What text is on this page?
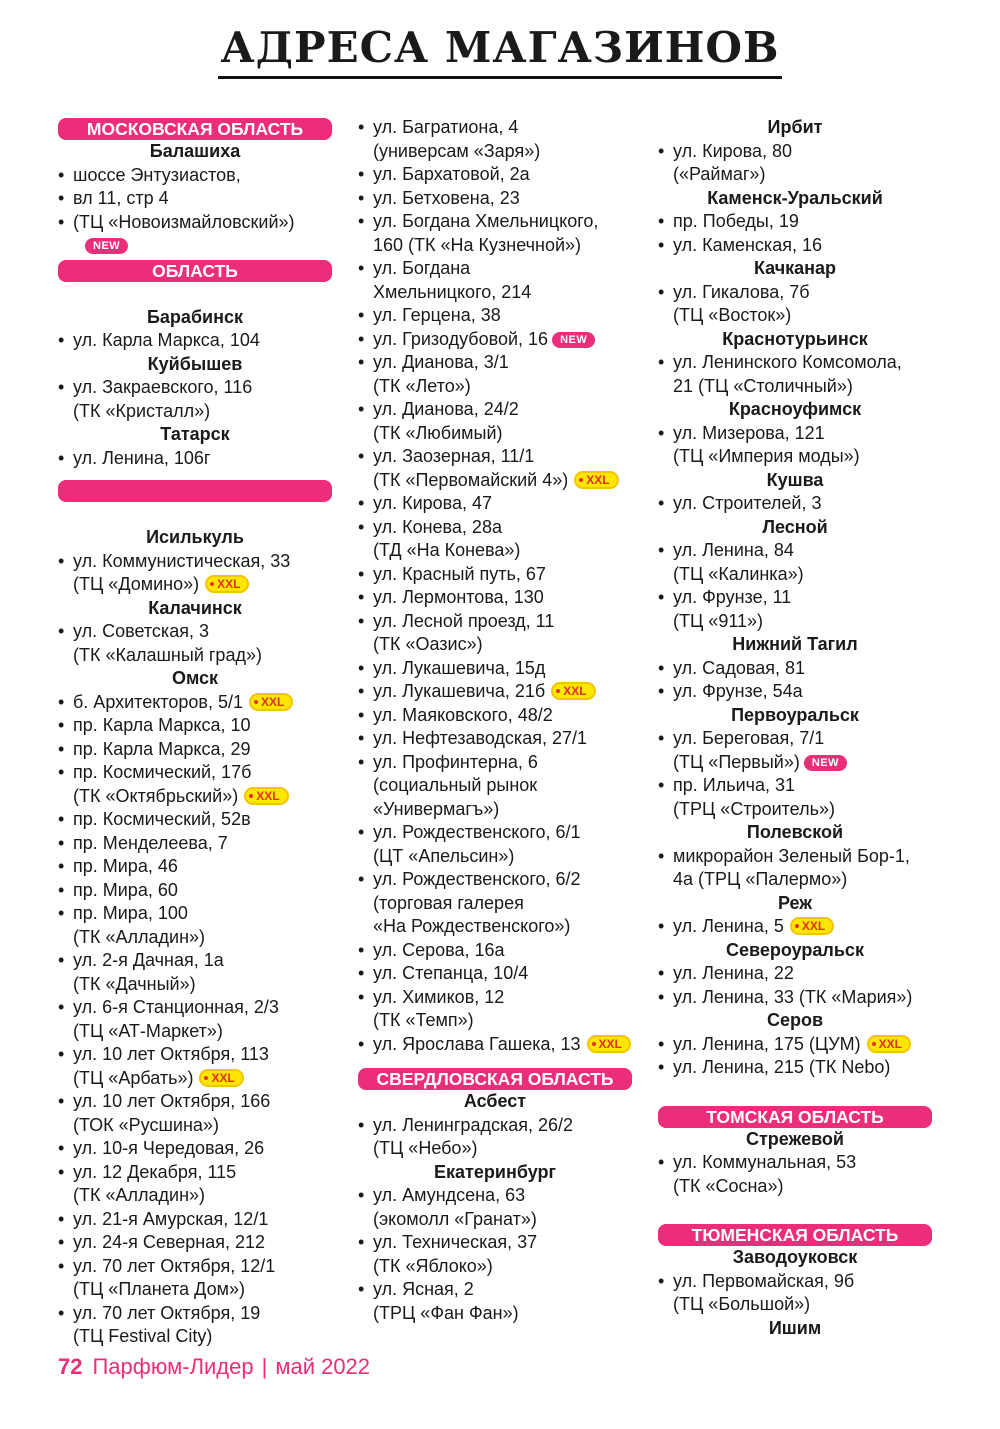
АДРЕСА МАГАЗИНОВ
МОСКОВСКАЯ ОБЛАСТЬ
Балашиха
• шоссе Энтузиастов,
• вл 11, стр 4
• (ТЦ «Новоизмайловский»)
NEW
ОБЛАСТЬ
Барабинск
• ул. Карла Маркса, 104
Куйбышев
• ул. Закраевского, 116
(ТК «Кристалл»)
Татарск
• ул. Ленина, 106г
Исилькуль
• ул. Коммунистическая, 33
(ТЦ «Домино») XXL
Калачинск
• ул. Советская, 3
(ТК «Калашный град»)
Омск
• б. Архитекторов, 5/1 XXL
• пр. Карла Маркса, 10
• пр. Карла Маркса, 29
• пр. Космический, 17б
(ТК «Октябрьский») XXL
• пр. Космический, 52в
• пр. Менделеева, 7
• пр. Мира, 46
• пр. Мира, 60
• пр. Мира, 100
(ТК «Алладин»)
• ул. 2-я Дачная, 1а
(ТК «Дачный»)
• ул. 6-я Станционная, 2/3
(ТЦ «АТ-Маркет»)
• ул. 10 лет Октября, 113
(ТЦ «Арбать») XXL
• ул. 10 лет Октября, 166
(ТОК «Русшина»)
• ул. 10-я Чередовая, 26
• ул. 12 Декабря, 115
(ТК «Алладин»)
• ул. 21-я Амурская, 12/1
• ул. 24-я Северная, 212
• ул. 70 лет Октября, 12/1
(ТЦ «Планета Дом»)
• ул. 70 лет Октября, 19
(ТЦ Festival City)
• ул. Багратиона, 4
(универсам «Заря»)
• ул. Бархатовой, 2а
• ул. Бетховена, 23
• ул. Богдана Хмельницкого,
160 (ТК «На Кузнечной»)
• ул. Богдана
Хмельницкого, 214
• ул. Герцена, 38
• ул. Гризодубовой, 16 NEW
• ул. Дианова, 3/1
(ТК «Лето»)
• ул. Дианова, 24/2
(ТК «Любимый)
• ул. Заозерная, 11/1
(ТК «Первомайский 4») XXL
• ул. Кирова, 47
• ул. Конева, 28а
(ТД «На Конева»)
• ул. Красный путь, 67
• ул. Лермонтова, 130
• ул. Лесной проезд, 11
(ТК «Оазис»)
• ул. Лукашевича, 15д
• ул. Лукашевича, 21б XXL
• ул. Маяковского, 48/2
• ул. Нефтезаводская, 27/1
• ул. Профинтерна, 6
(социальный рынок
«Универмагъ»)
• ул. Рождественского, 6/1
(ЦТ «Апельсин»)
• ул. Рождественского, 6/2
(торговая галерея
«На Рождественского»)
• ул. Серова, 16а
• ул. Степанца, 10/4
• ул. Химиков, 12
(ТК «Темп»)
• ул. Ярослава Гашека, 13 XXL
СВЕРДЛОВСКАЯ ОБЛАСТЬ
Асбест
• ул. Ленинградская, 26/2
(ТЦ «Небо»)
Екатеринбург
• ул. Амундсена, 63
(экомолл «Гранат»)
• ул. Техническая, 37
(ТК «Яблоко»)
• ул. Ясная, 2
(ТРЦ «Фан Фан»)
Ирбит
• ул. Кирова, 80
(«Раймаг»)
Каменск-Уральский
• пр. Победы, 19
• ул. Каменская, 16
Качканар
• ул. Гикалова, 7б
(ТЦ «Восток»)
Краснотурьинск
• ул. Ленинского Комсомола,
21 (ТЦ «Столичный»)
Красноуфимск
• ул. Мизерова, 121
(ТЦ «Империя моды»)
Кушва
• ул. Строителей, 3
Лесной
• ул. Ленина, 84
(ТЦ «Калинка»)
• ул. Фрунзе, 11
(ТЦ «911»)
Нижний Тагил
• ул. Садовая, 81
• ул. Фрунзе, 54а
Первоуральск
• ул. Береговая, 7/1
(ТЦ «Первый») NEW
• пр. Ильича, 31
(ТРЦ «Строитель»)
Полевской
• микрорайон Зеленый Бор-1,
4а (ТРЦ «Палермо»)
Реж
• ул. Ленина, 5 XXL
Североуральск
• ул. Ленина, 22
• ул. Ленина, 33 (ТК «Мария»)
Серов
• ул. Ленина, 175 (ЦУМ) XXL
• ул. Ленина, 215 (ТК Nebo)
ТОМСКАЯ ОБЛАСТЬ
Стрежевой
• ул. Коммунальная, 53
(ТК «Сосна»)
ТЮМЕНСКАЯ ОБЛАСТЬ
Заводоуковск
• ул. Первомайская, 9б
(ТЦ «Большой»)
Ишим
72 Парфюм-Лидер | май 2022
